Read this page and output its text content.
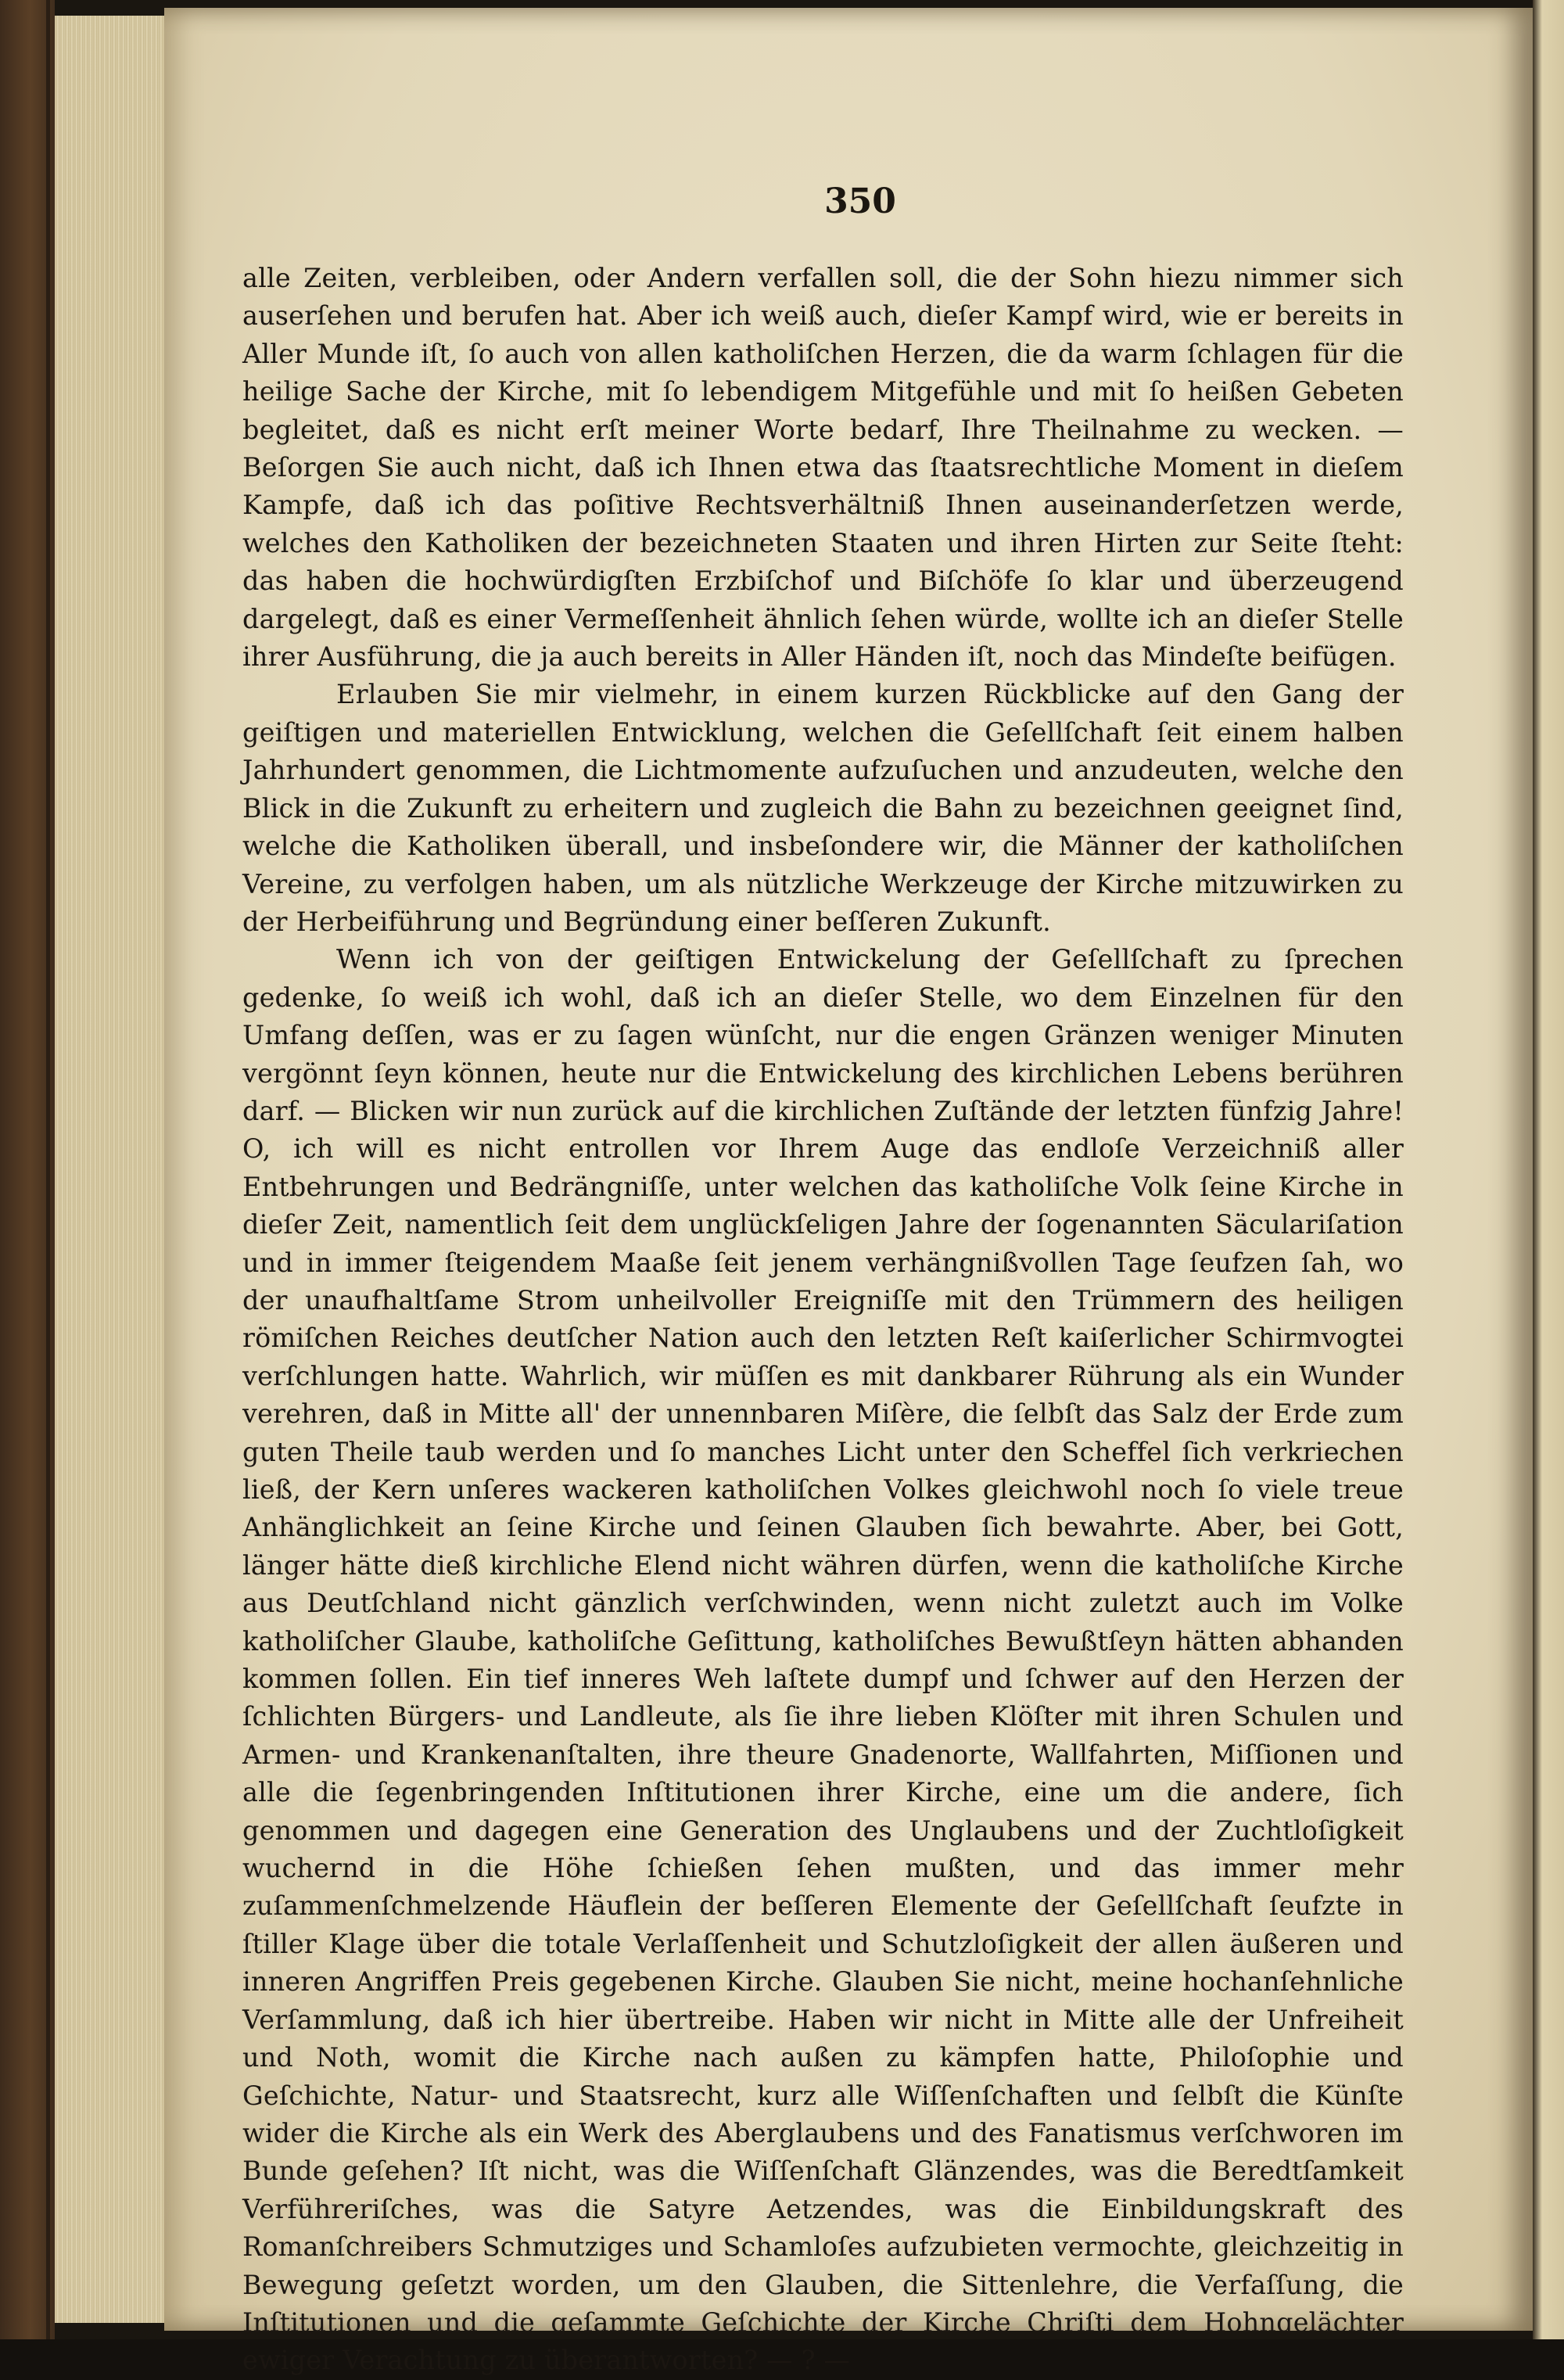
350

alle Zeiten, verbleiben, oder Andern verfallen soll, die der Sohn hiezu nimmer sich auserſehen und berufen hat. Aber ich weiß auch, dieſer Kampf wird, wie er bereits in Aller Munde iſt, ſo auch von allen katholiſchen Herzen, die da warm ſchlagen für die heilige Sache der Kirche, mit ſo lebendigem Mitgefühle und mit ſo heißen Gebeten begleitet, daß es nicht erſt meiner Worte bedarf, Ihre Theilnahme zu wecken. — Beſorgen Sie auch nicht, daß ich Ihnen etwa das ſtaatsrechtliche Moment in dieſem Kampfe, daß ich das poſitive Rechtsverhältniß Ihnen auseinanderſetzen werde, welches den Katholiken der bezeichneten Staaten und ihren Hirten zur Seite ſteht: das haben die hochwürdigſten Erzbiſchof und Biſchöfe ſo klar und überzeugend dargelegt, daß es einer Vermeſſenheit ähnlich ſehen würde, wollte ich an dieſer Stelle ihrer Ausführung, die ja auch bereits in Aller Händen iſt, noch das Mindeſte beifügen.

Erlauben Sie mir vielmehr, in einem kurzen Rückblicke auf den Gang der geiſtigen und materiellen Entwicklung, welchen die Geſellſchaft ſeit einem halben Jahrhundert genommen, die Lichtmomente aufzuſuchen und anzudeuten, welche den Blick in die Zukunft zu erheitern und zugleich die Bahn zu bezeichnen geeignet ſind, welche die Katholiken überall, und insbeſondere wir, die Männer der katholiſchen Vereine, zu verfolgen haben, um als nützliche Werkzeuge der Kirche mitzuwirken zu der Herbeiführung und Begründung einer beſſeren Zukunft.

Wenn ich von der geiſtigen Entwickelung der Geſellſchaft zu ſprechen gedenke, ſo weiß ich wohl, daß ich an dieſer Stelle, wo dem Einzelnen für den Umfang deſſen, was er zu ſagen wünſcht, nur die engen Gränzen weniger Minuten vergönnt ſeyn können, heute nur die Entwickelung des kirchlichen Lebens berühren darf. — Blicken wir nun zurück auf die kirchlichen Zuſtände der letzten fünfzig Jahre! O, ich will es nicht entrollen vor Ihrem Auge das endloſe Verzeichniß aller Entbehrungen und Bedrängniſſe, unter welchen das katholiſche Volk ſeine Kirche in dieſer Zeit, namentlich ſeit dem unglückſeligen Jahre der ſogenannten Säculariſation und in immer ſteigendem Maaße ſeit jenem verhängnißvollen Tage ſeufzen ſah, wo der unaufhaltſame Strom unheilvoller Ereigniſſe mit den Trümmern des heiligen römiſchen Reiches deutſcher Nation auch den letzten Reſt kaiſerlicher Schirmvogtei verſchlungen hatte. Wahrlich, wir müſſen es mit dankbarer Rührung als ein Wunder verehren, daß in Mitte all' der unnennbaren Miſère, die ſelbſt das Salz der Erde zum guten Theile taub werden und ſo manches Licht unter den Scheffel ſich verkriechen ließ, der Kern unſeres wackeren katholiſchen Volkes gleichwohl noch ſo viele treue Anhänglichkeit an ſeine Kirche und ſeinen Glauben ſich bewahrte. Aber, bei Gott, länger hätte dieß kirchliche Elend nicht währen dürfen, wenn die katholiſche Kirche aus Deutſchland nicht gänzlich verſchwinden, wenn nicht zuletzt auch im Volke katholiſcher Glaube, katholiſche Geſittung, katholiſches Bewußtſeyn hätten abhanden kommen ſollen. Ein tief inneres Weh laſtete dumpf und ſchwer auf den Herzen der ſchlichten Bürgers- und Landleute, als ſie ihre lieben Klöſter mit ihren Schulen und Armen- und Krankenanſtalten, ihre theure Gnadenorte, Wallfahrten, Miſſionen und alle die ſegenbringenden Inſtitutionen ihrer Kirche, eine um die andere, ſich genommen und dagegen eine Generation des Unglaubens und der Zuchtloſigkeit wuchernd in die Höhe ſchießen ſehen mußten, und das immer mehr zuſammenſchmelzende Häuflein der beſſeren Elemente der Geſellſchaft ſeufzte in ſtiller Klage über die totale Verlaſſenheit und Schutzloſigkeit der allen äußeren und inneren Angriffen Preis gegebenen Kirche. Glauben Sie nicht, meine hochanſehnliche Verſammlung, daß ich hier übertreibe. Haben wir nicht in Mitte alle der Unfreiheit und Noth, womit die Kirche nach außen zu kämpfen hatte, Philoſophie und Geſchichte, Natur- und Staatsrecht, kurz alle Wiſſenſchaften und ſelbſt die Künſte wider die Kirche als ein Werk des Aberglaubens und des Fanatismus verſchworen im Bunde geſehen? Iſt nicht, was die Wiſſenſchaft Glänzendes, was die Beredtſamkeit Verführeriſches, was die Satyre Aetzendes, was die Einbildungskraft des Romanſchreibers Schmutziges und Schamloſes aufzubieten vermochte, gleichzeitig in Bewegung geſetzt worden, um den Glauben, die Sittenlehre, die Verfaſſung, die Inſtitutionen und die geſammte Geſchichte der Kirche Chriſti dem Hohngelächter ewiger Verachtung zu überantworten? — ? —
